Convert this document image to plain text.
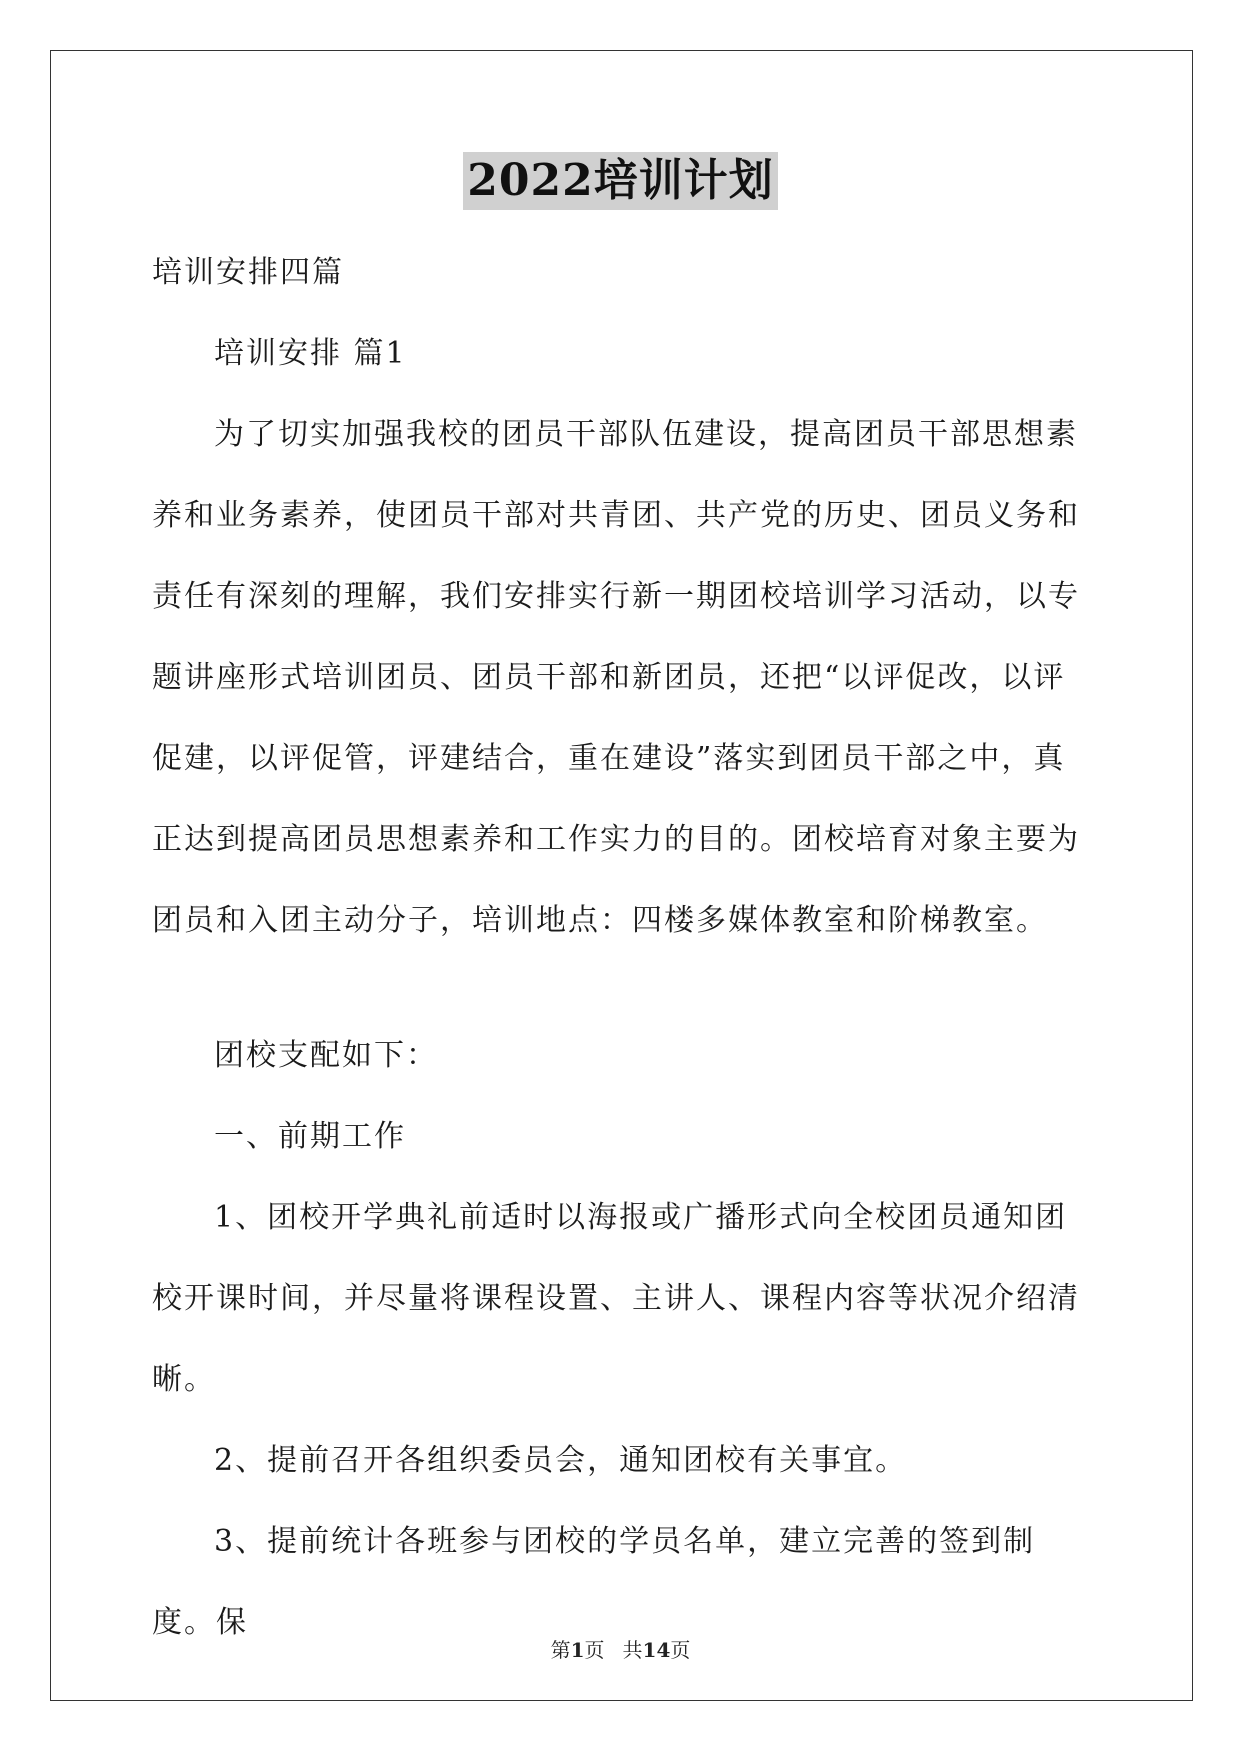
2022培训计划

培训安排四篇

培训安排 篇1

为了切实加强我校的团员干部队伍建设，提高团员干部思想素养和业务素养，使团员干部对共青团、共产党的历史、团员义务和责任有深刻的理解，我们安排实行新一期团校培训学习活动，以专题讲座形式培训团员、团员干部和新团员，还把“以评促改，以评促建，以评促管，评建结合，重在建设”落实到团员干部之中，真正达到提高团员思想素养和工作实力的目的。团校培育对象主要为团员和入团主动分子，培训地点：四楼多媒体教室和阶梯教室。

团校支配如下：

一、前期工作

1、团校开学典礼前适时以海报或广播形式向全校团员通知团校开课时间，并尽量将课程设置、主讲人、课程内容等状况介绍清晰。

2、提前召开各组织委员会，通知团校有关事宜。

3、提前统计各班参与团校的学员名单，建立完善的签到制度。保

第1页 共14页
